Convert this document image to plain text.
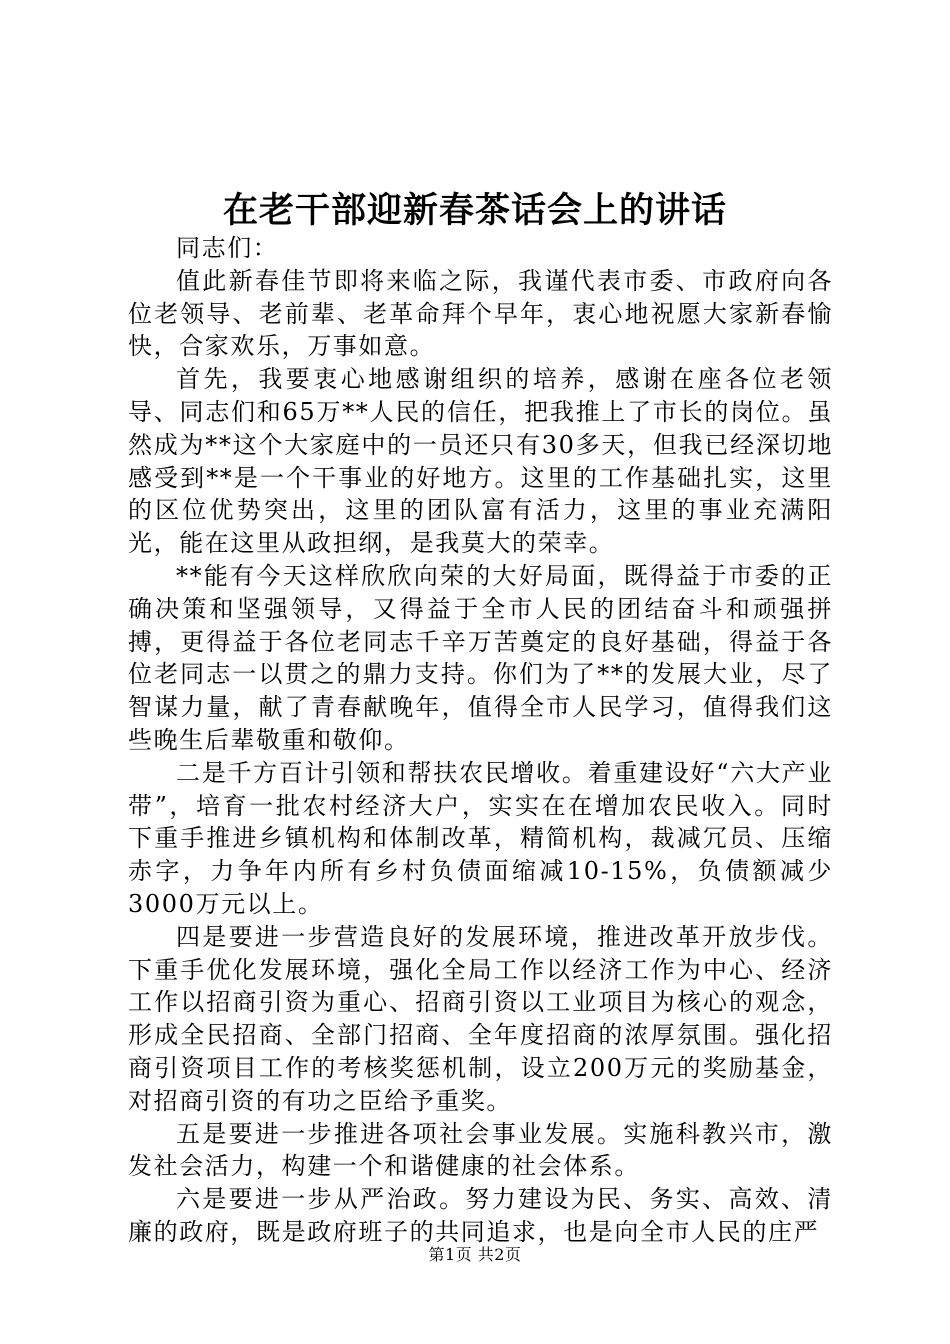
在老干部迎新春茶话会上的讲话

同志们：

值此新春佳节即将来临之际，我谨代表市委、市政府向各位老领导、老前辈、老革命拜个早年，衷心地祝愿大家新春愉快，合家欢乐，万事如意。

首先，我要衷心地感谢组织的培养，感谢在座各位老领导、同志们和65万**人民的信任，把我推上了市长的岗位。虽然成为**这个大家庭中的一员还只有30多天，但我已经深切地感受到**是一个干事业的好地方。这里的工作基础扎实，这里的区位优势突出，这里的团队富有活力，这里的事业充满阳光，能在这里从政担纲，是我莫大的荣幸。

**能有今天这样欣欣向荣的大好局面，既得益于市委的正确决策和坚强领导，又得益于全市人民的团结奋斗和顽强拼搏，更得益于各位老同志千辛万苦奠定的良好基础，得益于各位老同志一以贯之的鼎力支持。你们为了**的发展大业，尽了智谋力量，献了青春献晚年，值得全市人民学习，值得我们这些晚生后辈敬重和敬仰。

二是千方百计引领和帮扶农民增收。着重建设好“六大产业带”，培育一批农村经济大户，实实在在增加农民收入。同时下重手推进乡镇机构和体制改革，精简机构，裁减冗员、压缩赤字，力争年内所有乡村负债面缩减10-15%，负债额减少3000万元以上。

四是要进一步营造良好的发展环境，推进改革开放步伐。下重手优化发展环境，强化全局工作以经济工作为中心、经济工作以招商引资为重心、招商引资以工业项目为核心的观念，形成全民招商、全部门招商、全年度招商的浓厚氛围。强化招商引资项目工作的考核奖惩机制，设立200万元的奖励基金，对招商引资的有功之臣给予重奖。

五是要进一步推进各项社会事业发展。实施科教兴市，激发社会活力，构建一个和谐健康的社会体系。

六是要进一步从严治政。努力建设为民、务实、高效、清廉的政府，既是政府班子的共同追求，也是向全市人民的庄严

第1页 共2页
